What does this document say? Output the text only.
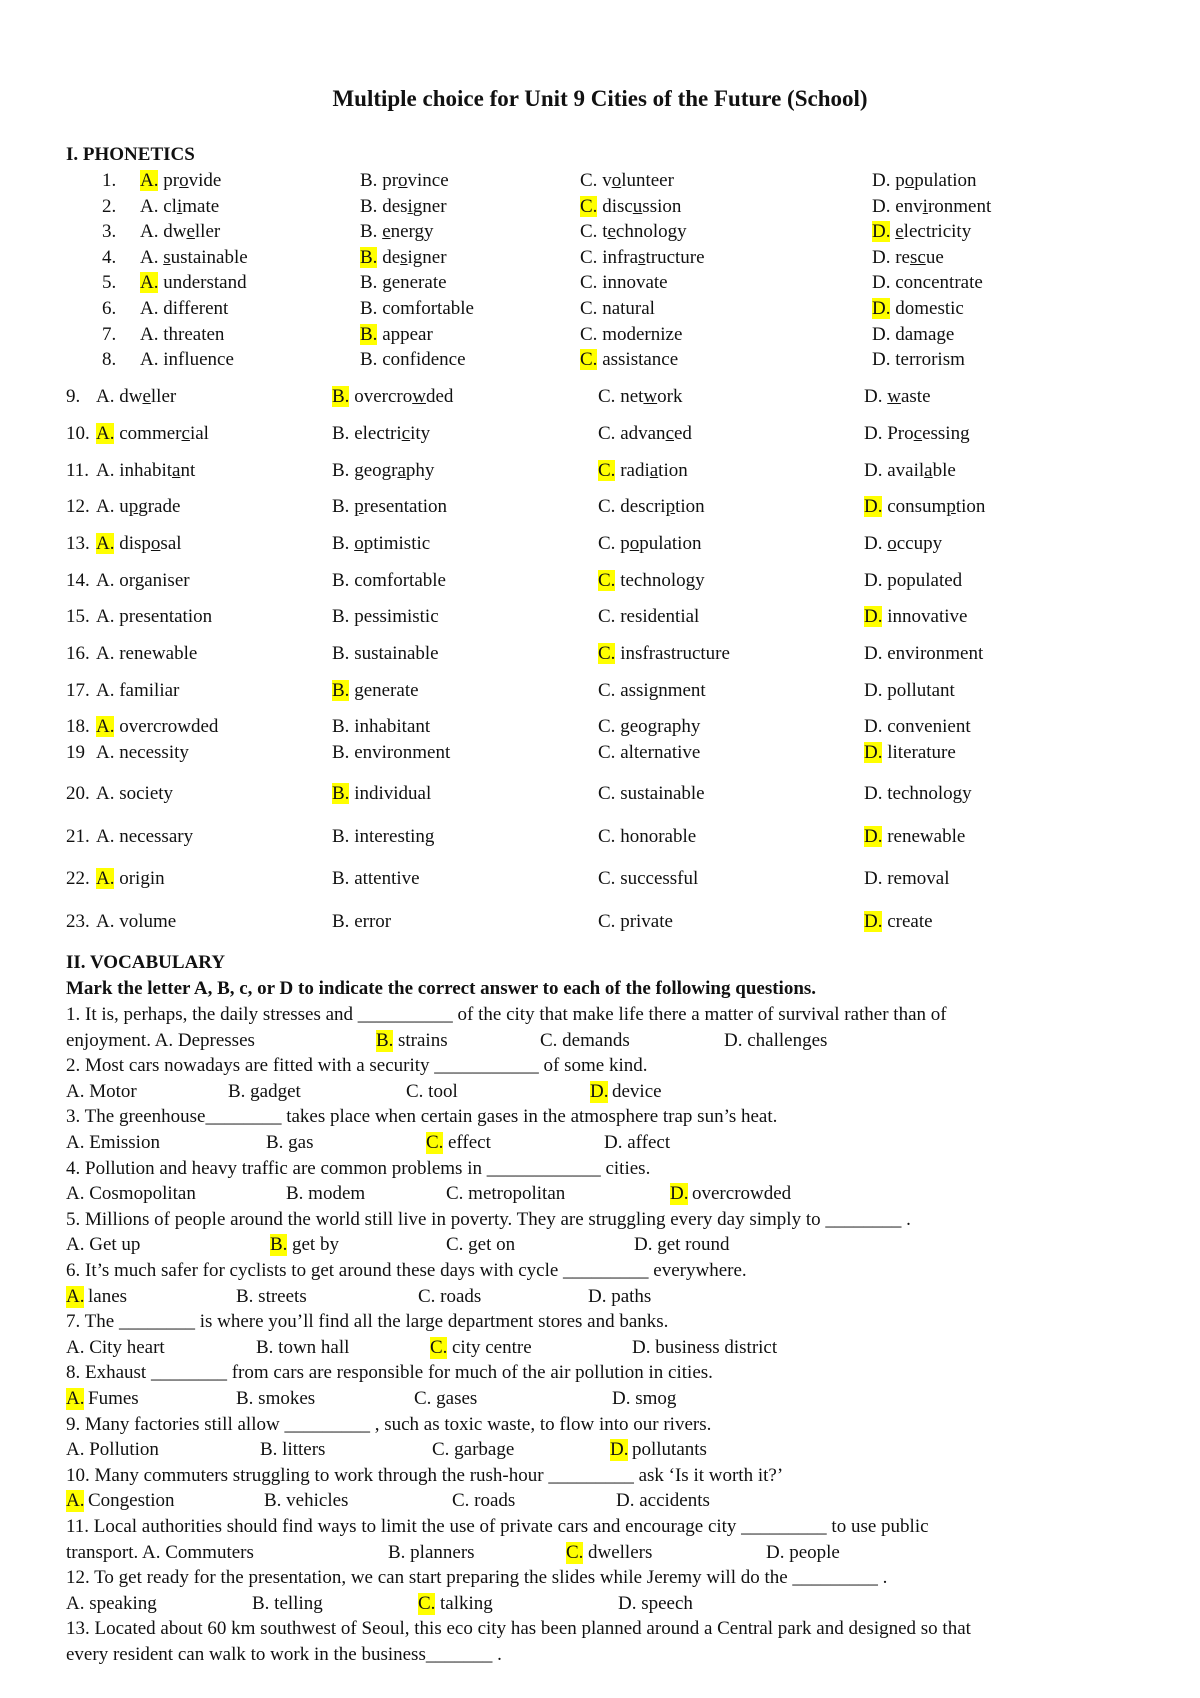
Multiple choice for Unit 9 Cities of the Future (School)
I. PHONETICS
1. A. provide	B. province	C. volunteer	D. population
2. A. climate	B. designer	C. discussion	D. environment
3. A. dweller	B. energy	C. technology	D. electricity
4. A. sustainable	B. designer	C. infrastructure	D. rescue
5. A. understand	B. generate	C. innovate	D. concentrate
6. A. different	B. comfortable	C. natural	D. domestic
7. A. threaten	B. appear	C. modernize	D. damage
8. A. influence	B. confidence	C. assistance	D. terrorism
9. A. dweller	B. overcrowded	C. network	D. waste
10. A. commercial	B. electricity	C. advanced	D. Processing
11. A. inhabitant	B. geography	C. radiation	D. available
12. A. upgrade	B. presentation	C. description	D. consumption
13. A. disposal	B. optimistic	C. population	D. occupy
14. A. organiser	B. comfortable	C. technology	D. populated
15. A. presentation	B. pessimistic	C. residential	D. innovative
16. A. renewable	B. sustainable	C. insfrastructure	D. environment
17. A. familiar	B. generate	C. assignment	D. pollutant
18. A. overcrowded	B. inhabitant	C. geography	D. convenient
19 A. necessity	B. environment	C. alternative	D. literature
20. A. society	B. individual	C. sustainable	D. technology
21. A. necessary	B. interesting	C. honorable	D. renewable
22. A. origin	B. attentive	C. successful	D. removal
23. A. volume	B. error	C. private	D. create
II. VOCABULARY
Mark the letter A, B, c, or D to indicate the correct answer to each of the following questions.
1. It is, perhaps, the daily stresses and __________ of the city that make life there a matter of survival rather than of
enjoyment. A. Depresses	B. strains	C. demands	D. challenges
2. Most cars nowadays are fitted with a security ___________ of some kind.
A. Motor	B. gadget	C. tool	D. device
3. The greenhouse________ takes place when certain gases in the atmosphere trap sun’s heat.
A. Emission	B. gas	C. effect	D. affect
4. Pollution and heavy traffic are common problems in ____________ cities.
A. Cosmopolitan	B. modem	C. metropolitan	D. overcrowded
5. Millions of people around the world still live in poverty. They are struggling every day simply to ________ .
A. Get up	B. get by	C. get on	D. get round
6. It’s much safer for cyclists to get around these days with cycle _________ everywhere.
A. lanes	B. streets	C. roads	D. paths
7. The ________ is where you’ll find all the large department stores and banks.
A. City heart	B. town hall	C. city centre	D. business district
8. Exhaust ________ from cars are responsible for much of the air pollution in cities.
A. Fumes	B. smokes	C. gases	D. smog
9. Many factories still allow _________ , such as toxic waste, to flow into our rivers.
A. Pollution	B. litters	C. garbage	D. pollutants
10. Many commuters struggling to work through the rush-hour _________ ask ‘Is it worth it?’
A. Congestion	B. vehicles	C. roads	D. accidents
11. Local authorities should find ways to limit the use of private cars and encourage city _________ to use public
transport. A. Commuters	B. planners	C. dwellers	D. people
12. To get ready for the presentation, we can start preparing the slides while Jeremy will do the _________ .
A. speaking	B. telling	C. talking	D. speech
13. Located about 60 km southwest of Seoul, this eco city has been planned around a Central park and designed so that
every resident can walk to work in the business_______ .
